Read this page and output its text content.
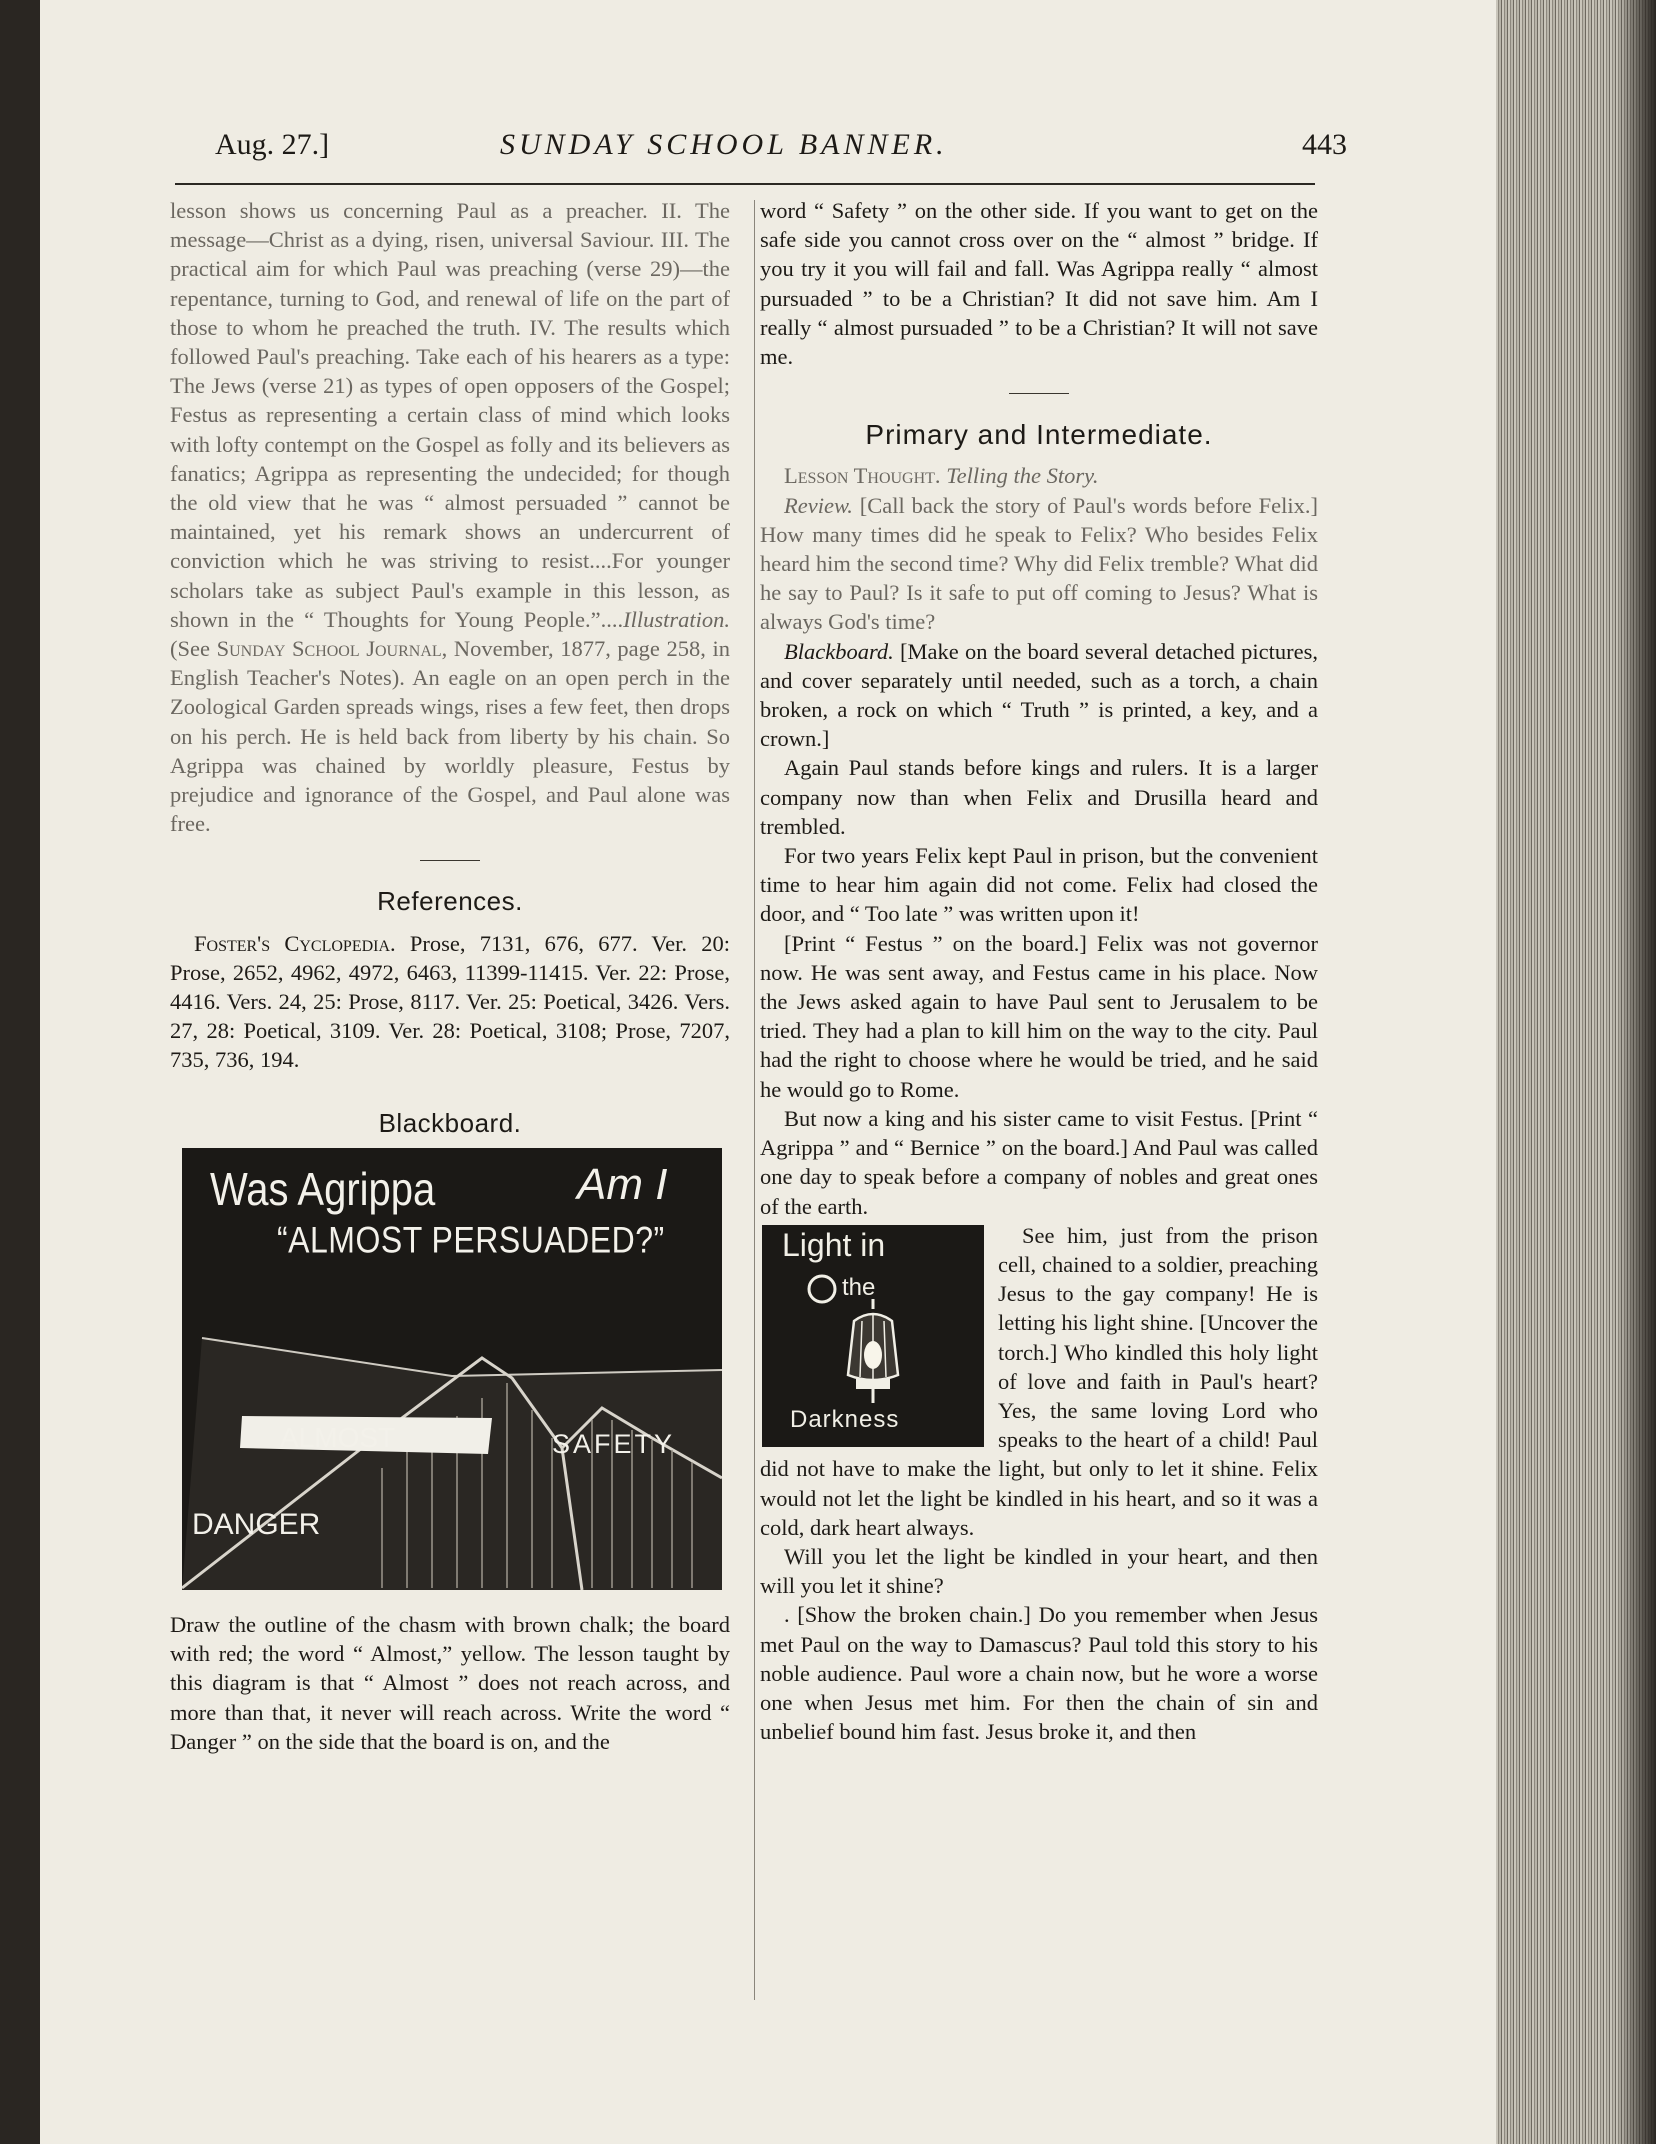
Aug. 27.]	SUNDAY SCHOOL BANNER.	443

lesson shows us concerning Paul as a preacher. II. The message—Christ as a dying, risen, universal Saviour. III. The practical aim for which Paul was preaching (verse 29)—the repentance, turning to God, and renewal of life on the part of those to whom he preached the truth. IV. The results which followed Paul's preaching. Take each of his hearers as a type: The Jews (verse 21) as types of open opposers of the Gospel; Festus as representing a certain class of mind which looks with lofty contempt on the Gospel as folly and its believers as fanatics; Agrippa as representing the undecided; for though the old view that he was “ almost persuaded ” cannot be maintained, yet his remark shows an undercurrent of conviction which he was striving to resist....For younger scholars take as subject Paul's example in this lesson, as shown in the “ Thoughts for Young People.”....Illustration. (See Sunday School Journal, November, 1877, page 258, in English Teacher's Notes). An eagle on an open perch in the Zoological Garden spreads wings, rises a few feet, then drops on his perch. He is held back from liberty by his chain. So Agrippa was chained by worldly pleasure, Festus by prejudice and ignorance of the Gospel, and Paul alone was free.

References.

Foster's Cyclopedia. Prose, 7131, 676, 677. Ver. 20: Prose, 2652, 4962, 4972, 6463, 11399-11415. Ver. 22: Prose, 4416. Vers. 24, 25: Prose, 8117. Ver. 25: Poetical, 3426. Vers. 27, 28: Poetical, 3109. Ver. 28: Poetical, 3108; Prose, 7207, 735, 736, 194.

Blackboard.
Was Agrippa	Am I
“ALMOST PERSUADED?”
ALMOST	SAFETY
DANGER

Draw the outline of the chasm with brown chalk; the board with red; the word “ Almost,” yellow. The lesson taught by this diagram is that “ Almost ” does not reach across, and more than that, it never will reach across. Write the word “ Danger ” on the side that the board is on, and the

word “ Safety ” on the other side. If you want to get on the safe side you cannot cross over on the “ almost ” bridge. If you try it you will fail and fall. Was Agrippa really “ almost pursuaded ” to be a Christian? It did not save him. Am I really “ almost pursuaded ” to be a Christian? It will not save me.

Primary and Intermediate.

Lesson Thought. Telling the Story.

Review. [Call back the story of Paul's words before Felix.] How many times did he speak to Felix? Who besides Felix heard him the second time? Why did Felix tremble? What did he say to Paul? Is it safe to put off coming to Jesus? What is always God's time?

Blackboard. [Make on the board several detached pictures, and cover separately until needed, such as a torch, a chain broken, a rock on which “ Truth ” is printed, a key, and a crown.]

Again Paul stands before kings and rulers. It is a larger company now than when Felix and Drusilla heard and trembled.

For two years Felix kept Paul in prison, but the convenient time to hear him again did not come. Felix had closed the door, and “ Too late ” was written upon it!

[Print “ Festus ” on the board.] Felix was not governor now. He was sent away, and Festus came in his place. Now the Jews asked again to have Paul sent to Jerusalem to be tried. They had a plan to kill him on the way to the city. Paul had the right to choose where he would be tried, and he said he would go to Rome.

But now a king and his sister came to visit Festus. [Print “ Agrippa ” and “ Bernice ” on the board.] And Paul was called one day to speak before a company of nobles and great ones of the earth.

Light in
the
Darkness

See him, just from the prison cell, chained to a soldier, preaching Jesus to the gay company! He is letting his light shine. [Uncover the torch.] Who kindled this holy light of love and faith in Paul's heart? Yes, the same loving Lord who speaks to the heart of a child! Paul did not have to make the light, but only to let it shine. Felix would not let the light be kindled in his heart, and so it was a cold, dark heart always.

Will you let the light be kindled in your heart, and then will you let it shine?

. [Show the broken chain.] Do you remember when Jesus met Paul on the way to Damascus? Paul told this story to his noble audience. Paul wore a chain now, but he wore a worse one when Jesus met him. For then the chain of sin and unbelief bound him fast. Jesus broke it, and then
